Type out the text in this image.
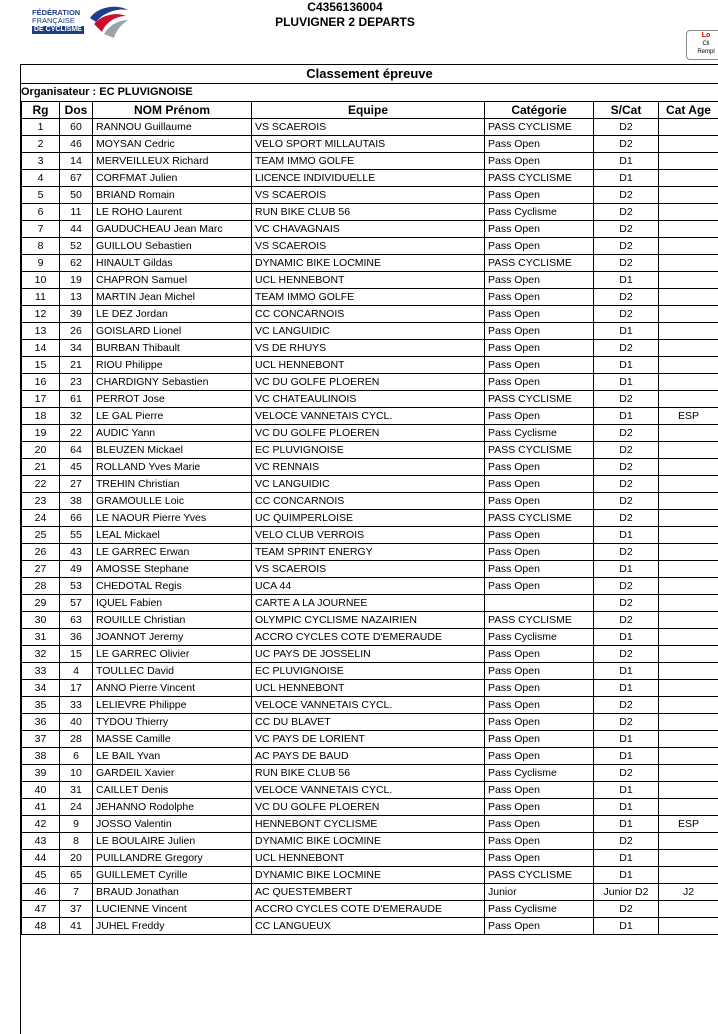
FÉDÉRATION
FRANÇAISE
DE CYCLISME
C4356136004
PLUVIGNER 2 DEPARTS
Lo
Cli
Rempl
Classement épreuve
Organisateur : EC PLUVIGNOISE
Rg	Dos	NOM Prénom	Equipe	Catégorie	S/Cat	Cat Age
1	60	RANNOU Guillaume	VS SCAEROIS	PASS CYCLISME	D2	
2	46	MOYSAN Cedric	VELO SPORT MILLAUTAIS	Pass Open	D2	
3	14	MERVEILLEUX Richard	TEAM IMMO GOLFE	Pass Open	D1	
4	67	CORFMAT Julien	LICENCE INDIVIDUELLE	PASS CYCLISME	D1	
5	50	BRIAND Romain	VS SCAEROIS	Pass Open	D2	
6	11	LE ROHO Laurent	RUN BIKE CLUB 56	Pass Cyclisme	D2	
7	44	GAUDUCHEAU Jean Marc	VC CHAVAGNAIS	Pass Open	D2	
8	52	GUILLOU Sebastien	VS SCAEROIS	Pass Open	D2	
9	62	HINAULT Gildas	DYNAMIC BIKE LOCMINE	PASS CYCLISME	D2	
10	19	CHAPRON Samuel	UCL HENNEBONT	Pass Open	D1	
11	13	MARTIN Jean Michel	TEAM IMMO GOLFE	Pass Open	D2	
12	39	LE DEZ Jordan	CC CONCARNOIS	Pass Open	D2	
13	26	GOISLARD Lionel	VC LANGUIDIC	Pass Open	D1	
14	34	BURBAN Thibault	VS DE RHUYS	Pass Open	D2	
15	21	RIOU Philippe	UCL HENNEBONT	Pass Open	D1	
16	23	CHARDIGNY Sebastien	VC DU GOLFE PLOEREN	Pass Open	D1	
17	61	PERROT Jose	VC CHATEAULINOIS	PASS CYCLISME	D2	
18	32	LE GAL Pierre	VELOCE VANNETAIS CYCL.	Pass Open	D1	ESP
19	22	AUDIC Yann	VC DU GOLFE PLOEREN	Pass Cyclisme	D2	
20	64	BLEUZEN Mickael	EC PLUVIGNOISE	PASS CYCLISME	D2	
21	45	ROLLAND Yves Marie	VC RENNAIS	Pass Open	D2	
22	27	TREHIN Christian	VC LANGUIDIC	Pass Open	D2	
23	38	GRAMOULLE Loic	CC CONCARNOIS	Pass Open	D2	
24	66	LE NAOUR Pierre Yves	UC QUIMPERLOISE	PASS CYCLISME	D2	
25	55	LEAL Mickael	VELO CLUB VERROIS	Pass Open	D1	
26	43	LE GARREC Erwan	TEAM SPRINT ENERGY	Pass Open	D2	
27	49	AMOSSE Stephane	VS SCAEROIS	Pass Open	D1	
28	53	CHEDOTAL Regis	UCA 44	Pass Open	D2	
29	57	IQUEL Fabien	CARTE A LA JOURNEE		D2	
30	63	ROUILLE Christian	OLYMPIC CYCLISME NAZAIRIEN	PASS CYCLISME	D2	
31	36	JOANNOT Jeremy	ACCRO CYCLES COTE D'EMERAUDE	Pass Cyclisme	D1	
32	15	LE GARREC Olivier	UC PAYS DE JOSSELIN	Pass Open	D2	
33	4	TOULLEC David	EC PLUVIGNOISE	Pass Open	D1	
34	17	ANNO Pierre Vincent	UCL HENNEBONT	Pass Open	D1	
35	33	LELIEVRE Philippe	VELOCE VANNETAIS CYCL.	Pass Open	D2	
36	40	TYDOU Thierry	CC DU BLAVET	Pass Open	D2	
37	28	MASSE Camille	VC PAYS DE LORIENT	Pass Open	D1	
38	6	LE BAIL Yvan	AC PAYS DE BAUD	Pass Open	D1	
39	10	GARDEIL Xavier	RUN BIKE CLUB 56	Pass Cyclisme	D2	
40	31	CAILLET Denis	VELOCE VANNETAIS CYCL.	Pass Open	D1	
41	24	JEHANNO Rodolphe	VC DU GOLFE PLOEREN	Pass Open	D1	
42	9	JOSSO Valentin	HENNEBONT CYCLISME	Pass Open	D1	ESP
43	8	LE BOULAIRE Julien	DYNAMIC BIKE LOCMINE	Pass Open	D2	
44	20	PUILLANDRE Gregory	UCL HENNEBONT	Pass Open	D1	
45	65	GUILLEMET Cyrille	DYNAMIC BIKE LOCMINE	PASS CYCLISME	D1	
46	7	BRAUD Jonathan	AC QUESTEMBERT	Junior	Junior D2	J2
47	37	LUCIENNE Vincent	ACCRO CYCLES COTE D'EMERAUDE	Pass Cyclisme	D2	
48	41	JUHEL Freddy	CC LANGUEUX	Pass Open	D1	
